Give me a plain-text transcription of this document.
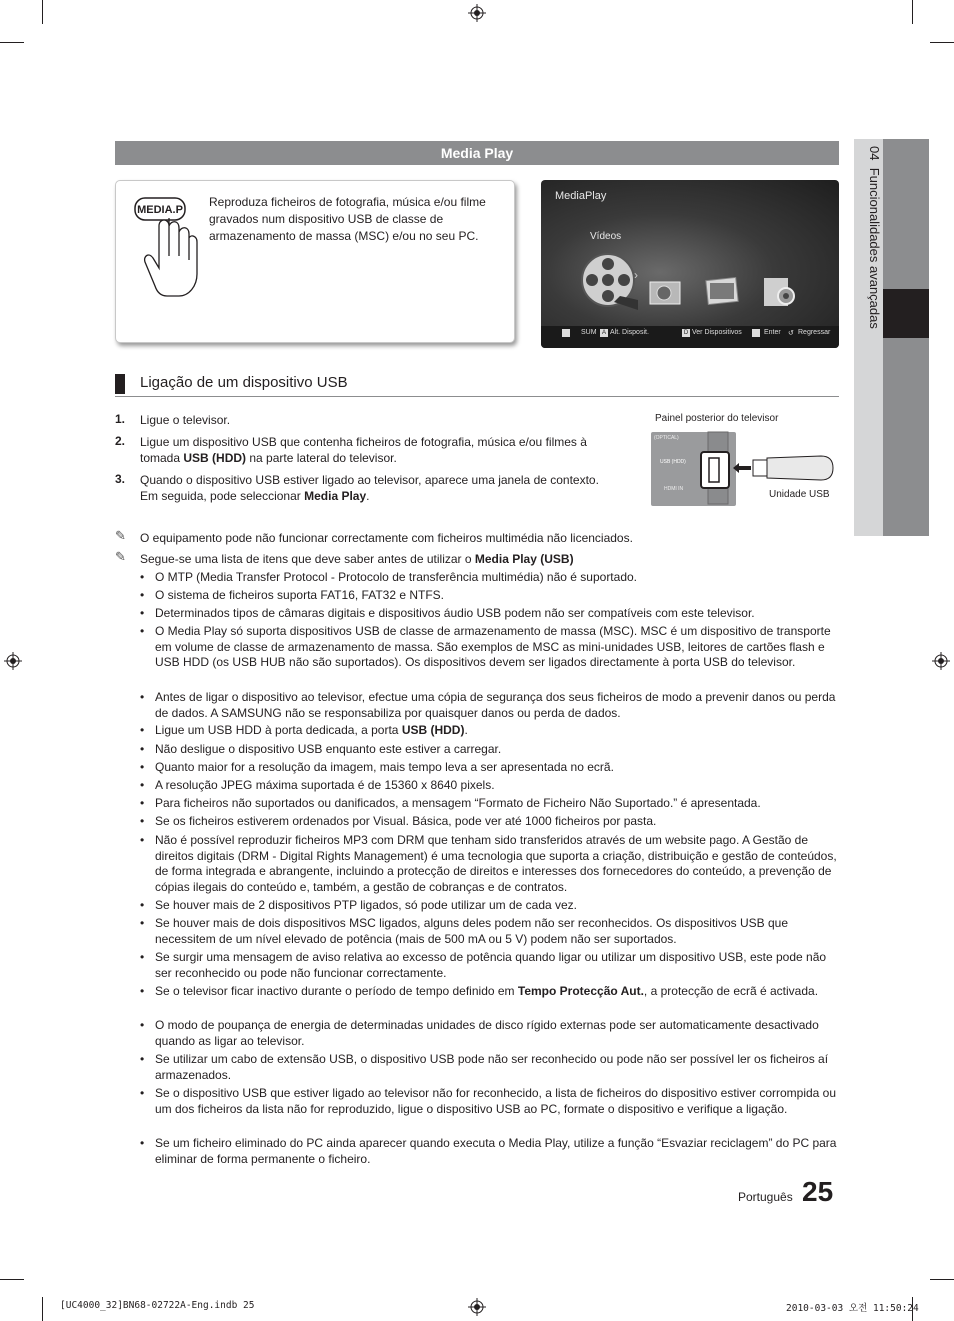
04  Funcionalidades avançadas
Media Play
MEDIA.P
Reproduza ficheiros de fotografia, música e/ou filme gravados num dispositivo USB de classe de armazenamento de massa (MSC) e/ou no seu PC.
MediaPlay
Vídeos
›
SUM A Alt. Disposit.	D Ver Dispositivos	Enter ↺ Regressar
Ligação de um dispositivo USB
1. Ligue o televisor.
2. Ligue um dispositivo USB que contenha ficheiros de fotografia, música e/ou filmes à tomada USB (HDD) na parte lateral do televisor.
3. Quando o dispositivo USB estiver ligado ao televisor, aparece uma janela de contexto. Em seguida, pode seleccionar Media Play.
Painel posterior do televisor
(OPTICAL)
USB (HDD)
HDMI IN	Unidade USB
✎ O equipamento pode não funcionar correctamente com ficheiros multimédia não licenciados.
✎ Segue-se uma lista de itens que deve saber antes de utilizar o Media Play (USB)
• O MTP (Media Transfer Protocol - Protocolo de transferência multimédia) não é suportado.
• O sistema de ficheiros suporta FAT16, FAT32 e NTFS.
• Determinados tipos de câmaras digitais e dispositivos áudio USB podem não ser compatíveis com este televisor.
• O Media Play só suporta dispositivos USB de classe de armazenamento de massa (MSC). MSC é um dispositivo de transporte em volume de classe de armazenamento de massa. São exemplos de MSC as mini-unidades USB, leitores de cartões flash e USB HDD (os USB HUB não são suportados). Os dispositivos devem ser ligados directamente à porta USB do televisor.
• Antes de ligar o dispositivo ao televisor, efectue uma cópia de segurança dos seus ficheiros de modo a prevenir danos ou perda de dados. A SAMSUNG não se responsabiliza por quaisquer danos ou perda de dados.
• Ligue um USB HDD à porta dedicada, a porta USB (HDD).
• Não desligue o dispositivo USB enquanto este estiver a carregar.
• Quanto maior for a resolução da imagem, mais tempo leva a ser apresentada no ecrã.
• A resolução JPEG máxima suportada é de 15360 x 8640 pixels.
• Para ficheiros não suportados ou danificados, a mensagem “Formato de Ficheiro Não Suportado.” é apresentada.
• Se os ficheiros estiverem ordenados por Visual. Básica, pode ver até 1000 ficheiros por pasta.
• Não é possível reproduzir ficheiros MP3 com DRM que tenham sido transferidos através de um website pago. A Gestão de direitos digitais (DRM - Digital Rights Management) é uma tecnologia que suporta a criação, distribuição e gestão de conteúdos, de forma integrada e abrangente, incluindo a protecção de direitos e interesses dos fornecedores do conteúdo, a prevenção de cópias ilegais do conteúdo e, também, a gestão de cobranças e de contratos.
• Se houver mais de 2 dispositivos PTP ligados, só pode utilizar um de cada vez.
• Se houver mais de dois dispositivos MSC ligados, alguns deles podem não ser reconhecidos. Os dispositivos USB que necessitem de um nível elevado de potência (mais de 500 mA ou 5 V) podem não ser suportados.
• Se surgir uma mensagem de aviso relativa ao excesso de potência quando ligar ou utilizar um dispositivo USB, este pode não ser reconhecido ou pode não funcionar correctamente.
• Se o televisor ficar inactivo durante o período de tempo definido em Tempo Protecção Aut., a protecção de ecrã é activada.
• O modo de poupança de energia de determinadas unidades de disco rígido externas pode ser automaticamente desactivado quando as ligar ao televisor.
• Se utilizar um cabo de extensão USB, o dispositivo USB pode não ser reconhecido ou pode não ser possível ler os ficheiros aí armazenados.
• Se o dispositivo USB que estiver ligado ao televisor não for reconhecido, a lista de ficheiros do dispositivo estiver corrompida ou um dos ficheiros da lista não for reproduzido, ligue o dispositivo USB ao PC, formate o dispositivo e verifique a ligação.
• Se um ficheiro eliminado do PC ainda aparecer quando executa o Media Play, utilize a função “Esvaziar reciclagem” do PC para eliminar de forma permanente o ficheiro.
Português 25
[UC4000_32]BN68-02722A-Eng.indb 25	2010-03-03 오전 11:50:24
